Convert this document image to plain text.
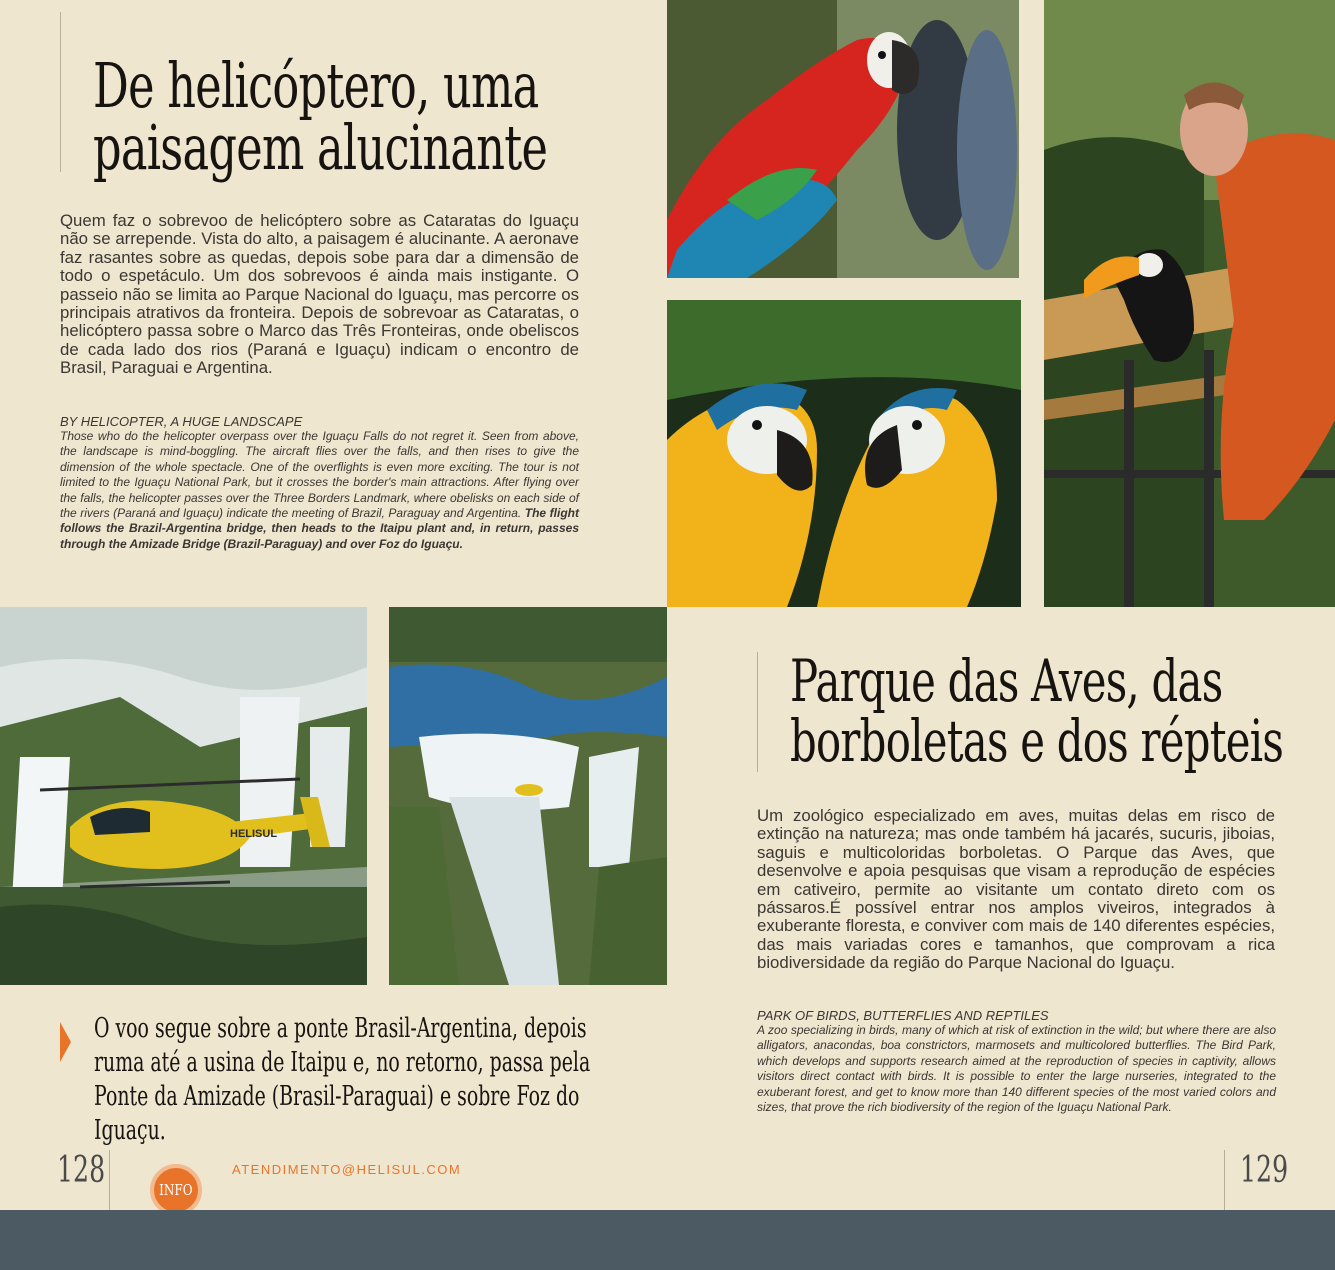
De helicóptero, uma
paisagem alucinante

Quem faz o sobrevoo de helicóptero sobre as Cataratas do Iguaçu não se arrepende. Vista do alto, a paisagem é alucinante. A aeronave faz rasantes sobre as quedas, depois sobe para dar a dimensão de todo o espetáculo. Um dos sobrevoos é ainda mais instigante. O passeio não se limita ao Parque Nacional do Iguaçu, mas percorre os principais atrativos da fronteira. Depois de sobrevoar as Cataratas, o helicóptero passa sobre o Marco das Três Fronteiras, onde obeliscos de cada lado dos rios (Paraná e Iguaçu) indicam o encontro de Brasil, Paraguai e Argentina.

BY HELICOPTER, A HUGE LANDSCAPE

Those who do the helicopter overpass over the Iguaçu Falls do not regret it. Seen from above, the landscape is mind-boggling. The aircraft flies over the falls, and then rises to give the dimension of the whole spectacle. One of the overflights is even more exciting. The tour is not limited to the Iguaçu National Park, but it crosses the border's main attractions. After flying over the falls, the helicopter passes over the Three Borders Landmark, where obelisks on each side of the rivers (Paraná and Iguaçu) indicate the meeting of Brazil, Paraguay and Argentina. The flight follows the Brazil-Argentina bridge, then heads to the Itaipu plant and, in return, passes through the Amizade Bridge (Brazil-Paraguay) and over Foz do Iguaçu.

HELISUL

O voo segue sobre a ponte Brasil-Argentina, depois ruma até a usina de Itaipu e, no retorno, passa pela Ponte da Amizade (Brasil-Paraguai) e sobre Foz do Iguaçu.

128	INFO
ATENDIMENTO@HELISUL.COM
Parque das Aves, das
borboletas e dos répteis

Um zoológico especializado em aves, muitas delas em risco de extinção na natureza; mas onde também há jacarés, sucuris, jiboias, saguis e multicoloridas borboletas. O Parque das Aves, que desenvolve e apoia pesquisas que visam a reprodução de espécies em cativeiro, permite ao visitante um contato direto com os pássaros.É possível entrar nos amplos viveiros, integrados à exuberante floresta, e conviver com mais de 140 diferentes espécies, das mais variadas cores e tamanhos, que comprovam a rica biodiversidade da região do Parque Nacional do Iguaçu.

PARK OF BIRDS, BUTTERFLIES AND REPTILES

A zoo specializing in birds, many of which at risk of extinction in the wild; but where there are also alligators, anacondas, boa constrictors, marmosets and multicolored butterflies. The Bird Park, which develops and supports research aimed at the reproduction of species in captivity, allows visitors direct contact with birds. It is possible to enter the large nurseries, integrated to the exuberant forest, and get to know more than 140 different species of the most varied colors and sizes, that prove the rich biodiversity of the region of the Iguaçu National Park.

129
